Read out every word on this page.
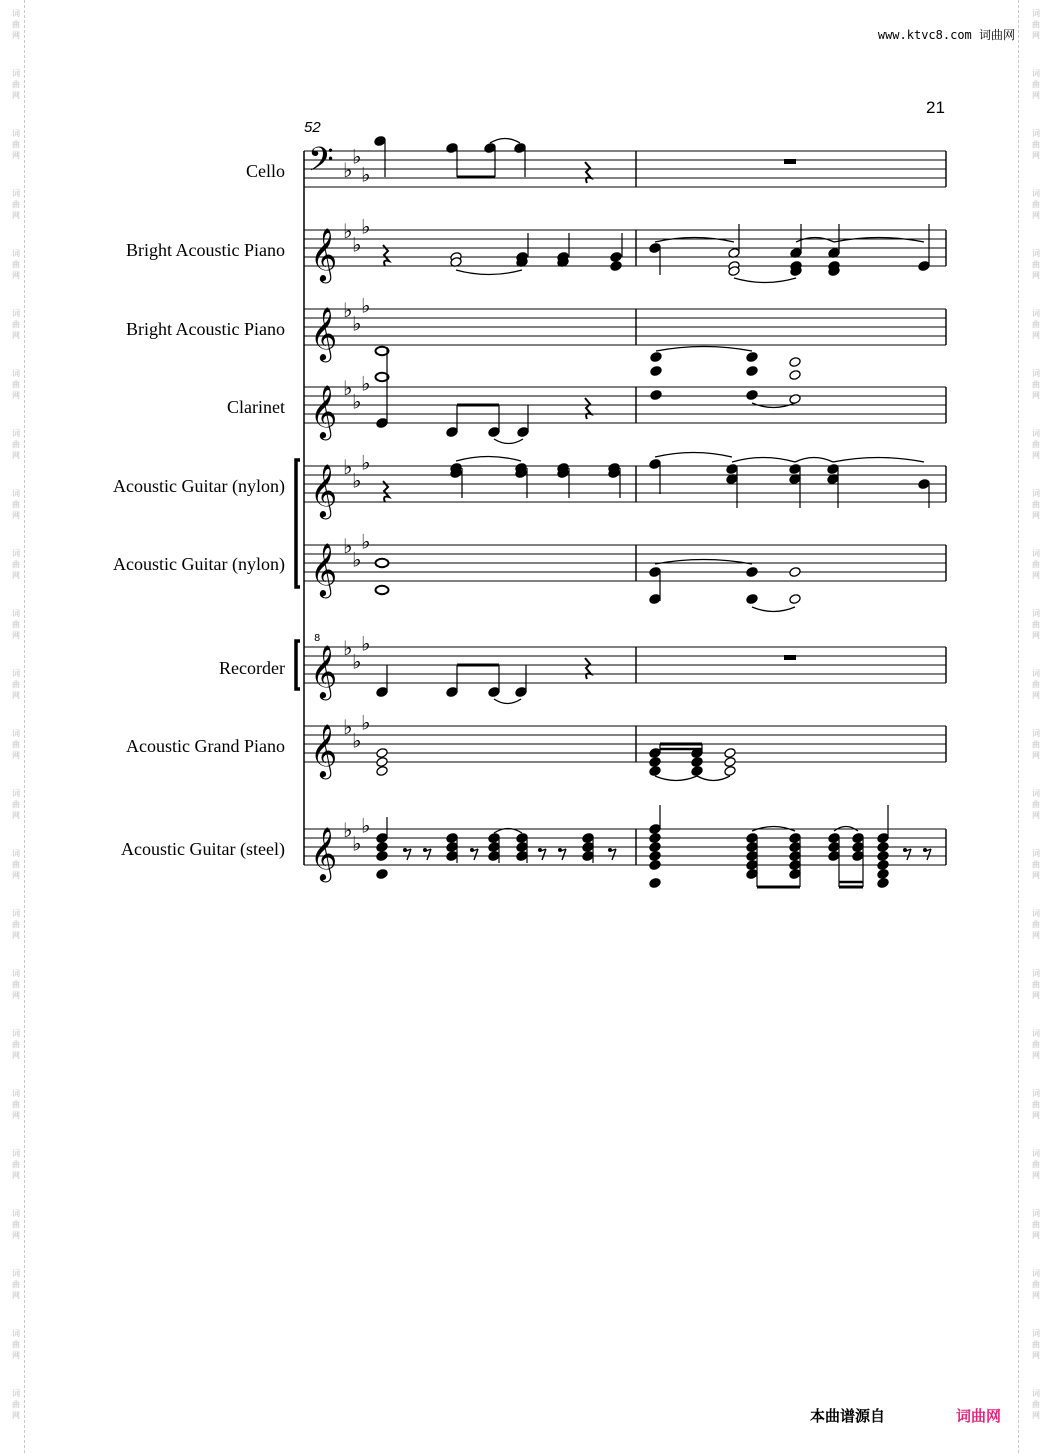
www.ktvc8.com 词曲网
21
52
Cello
Bright Acoustic Piano
Bright Acoustic Piano
Clarinet
Acoustic Guitar (nylon)
Acoustic Guitar (nylon)
Recorder
Acoustic Grand Piano
Acoustic Guitar (steel)
𝄢 ♭
♭
♭
𝄞 ♭
♭
♭
𝄞 ♭
♭
♭
𝄞 ♭
♭
♭
𝄞 ♭
♭
♭
𝄞 ♭
♭
♭
𝄞
8 ♭
♭
♭
𝄞 ♭
♭
♭
𝄞 ♭
♭
♭
本曲谱源自	词曲网
词
曲
网
词
曲
网
词
曲
网
词
曲
网
词
曲
网
词
曲
网
词
曲
网
词
曲
网
词
曲
网
词
曲
网
词
曲
网
词
曲
网
词
曲
网
词
曲
网
词
曲
网
词
曲
网
词
曲
网
词
曲
网
词
曲
网
词
曲
网
词
曲
网
词
曲
网
词
曲
网
词
曲
网
词
曲
网
词
曲
网
词
曲
网
词
曲
网
词
曲
网
词
曲
网
词
曲
网
词
曲
网
词
曲
网
词
曲
网
词
曲
网
词
曲
网
词
曲
网
词
曲
网
词
曲
网
词
曲
网
词
曲
网
词
曲
网
词
曲
网
词
曲
网
词
曲
网
词
曲
网
词
曲
网
词
曲
网
